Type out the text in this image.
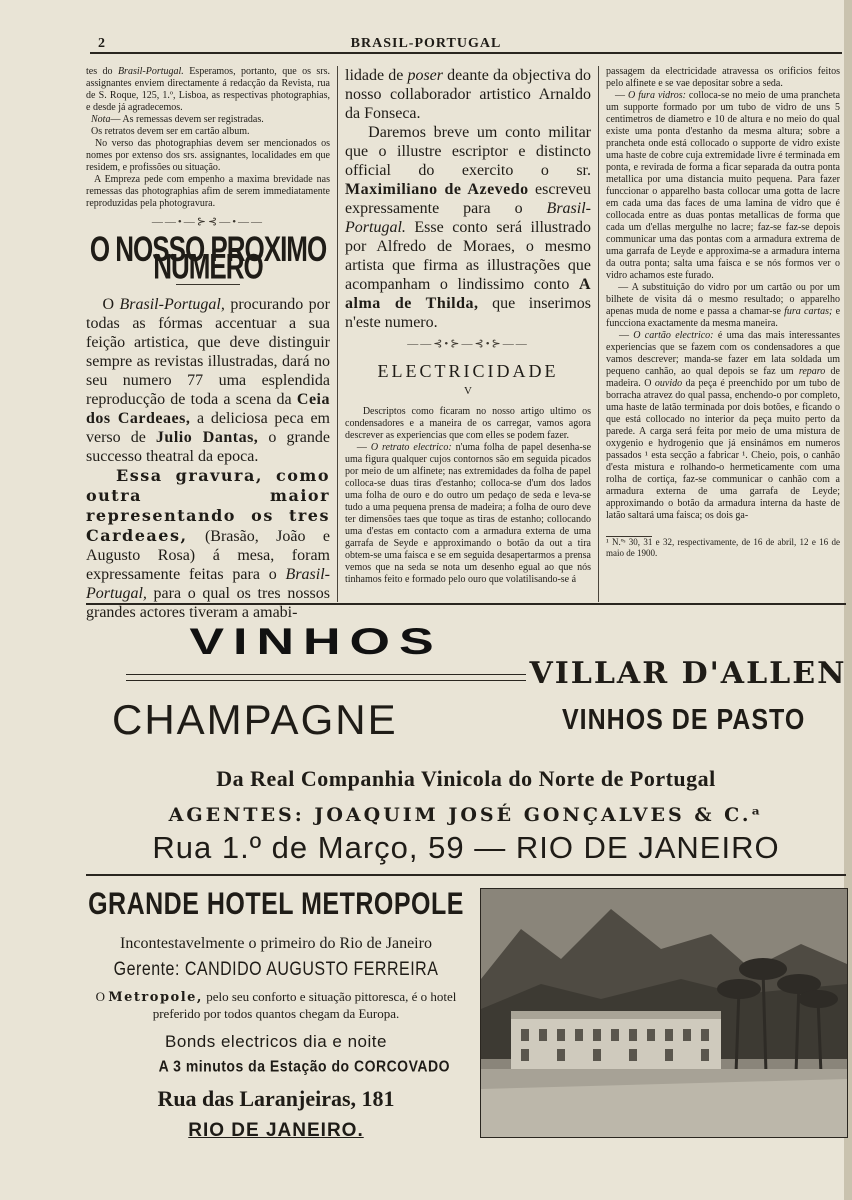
2	BRASIL-PORTUGAL

tes do Brasil-Portugal. Esperamos, portanto, que os srs. assignantes enviem directamente á redacção da Revista, rua de S. Roque, 125, 1.º, Lisboa, as respectivas photographias, e desde já agradecemos.

Nota— As remessas devem ser registradas.

Os retratos devem ser em cartão album.

No verso das photographias devem ser mencionados os nomes por extenso dos srs. assignantes, localidades em que residem, e profissões ou situação.

A Empreza pede com empenho a maxima brevidade nas remessas das photographias afim de serem immediatamente reproduzidas pela photogravura.

——•—⊱⊰—•——
O NOSSO PROXIMO NUMERO

O Brasil-Portugal, procurando por todas as fórmas accentuar a sua feição artistica, que deve distinguir sempre as revistas illustradas, dará no seu numero 77 uma esplendida reproducção de toda a scena da Ceia dos Cardeaes, a deliciosa peca em verso de Julio Dantas, o grande successo theatral da epoca.

Essa gravura, como outra maior representando os tres Cardeaes, (Brasão, João e Augusto Rosa) á mesa, foram expressamente feitas para o Brasil-Portugal, para o qual os tres nossos grandes actores tiveram a amabi-

lidade de poser deante da objectiva do nosso collaborador artistico Arnaldo da Fonseca.

Daremos breve um conto militar que o illustre escriptor e distincto official do exercito o sr. Maximiliano de Azevedo escreveu expressamente para o Brasil-Portugal. Esse conto será illustrado por Alfredo de Moraes, o mesmo artista que firma as illustrações que acompanham o lindissimo conto A alma de Thilda, que inserimos n'este numero.

——⊰•⊱—⊰•⊱——
ELECTRICIDADE
V

Descriptos como ficaram no nosso artigo ultimo os condensadores e a maneira de os carregar, vamos agora descrever as experiencias que com elles se podem fazer.

— O retrato electrico: n'uma folha de papel desenha-se uma figura qualquer cujos contornos são em seguida picados por meio de um alfinete; nas extremidades da folha de papel colloca-se duas tiras d'estanho; colloca-se d'um dos lados uma folha de ouro e do outro um pedaço de seda e leva-se tudo a uma pequena prensa de madeira; a folha de ouro deve ter dimensões taes que toque as tiras de estanho; collocando uma d'estas em contacto com a armadura externa de uma garrafa de Seyde e approximando o botão da out a tira obtem-se uma faisca e se em seguida desapertarmos a prensa vemos que na seda se nota um desenho egual ao que nós tinhamos feito e formado pelo ouro que volatilisando-se á

passagem da electricidade atravessa os orificios feitos pelo alfinete e se vae depositar sobre a seda.

— O fura vidros: colloca-se no meio de uma prancheta um supporte formado por um tubo de vidro de uns 5 centimetros de diametro e 10 de altura e no meio do qual existe uma ponta d'estanho da mesma altura; sobre a prancheta onde está collocado o supporte de vidro existe uma haste de cobre cuja extremidade livre é terminada em ponta, e revirada de forma a ficar separada da outra ponta metallica por uma distancia muito pequena. Para fazer funccionar o apparelho basta collocar uma gotta de lacre em cada uma das faces de uma lamina de vidro que é collocada entre as duas pontas metallicas de forma que cada um d'ellas mergulhe no lacre; faz-se faz-se depois communicar uma das pontas com a armadura extrema de uma garrafa de Leyde e approxima-se a armadura interna da outra ponta; salta uma faisca e se nós formos ver o vidro achamos este furado.

— A substituição do vidro por um cartão ou por um bilhete de visita dá o mesmo resultado; o apparelho apenas muda de nome e passa a chamar-se fura cartas; e funcciona exactamente da mesma maneira.

— O cartão electrico: é uma das mais interessantes experiencias que se fazem com os condensadores a que vamos descrever; manda-se fazer em lata soldada um pequeno canhão, ao qual depois se faz um reparo de madeira. O ouvido da peça é preenchido por um tubo de borracha atravez do qual passa, enchendo-o por completo, uma haste de latão terminada por dois botões, e ficando o que está collocado no interior da peça muito perto da parede. A carga será feita por meio de uma mistura de oxygenio e hydrogenio que já ensinámos em numeros passados ¹ esta secção a fabricar ¹. Cheio, pois, o canhão d'esta mistura e rolhando-o hermeticamente com uma rolha de cortiça, faz-se communicar o canhão com a armadura externa de uma garrafa de Leyde; approximando o botão da armadura interna da haste de latão saltará uma faisca; os dois ga-

¹ N.ºˢ 30, 31 e 32, respectivamente, de 16 de abril, 12 e 16 de maio de 1900.

VINHOS
VILLAR D'ALLEN
CHAMPAGNE	VINHOS DE PASTO
Da Real Companhia Vinicola do Norte de Portugal
AGENTES: JOAQUIM JOSÉ GONÇALVES & C.ᵃ
Rua 1.º de Março, 59 — RIO DE JANEIRO
GRANDE HOTEL METROPOLE
Incontestavelmente o primeiro do Rio de Janeiro
Gerente: CANDIDO AUGUSTO FERREIRA
O Metropole, pelo seu conforto e situação pittoresca, é o hotel preferido por todos quantos chegam da Europa.
Bonds electricos dia e noite
A 3 minutos da Estação do CORCOVADO
Rua das Laranjeiras, 181
RIO DE JANEIRO.
